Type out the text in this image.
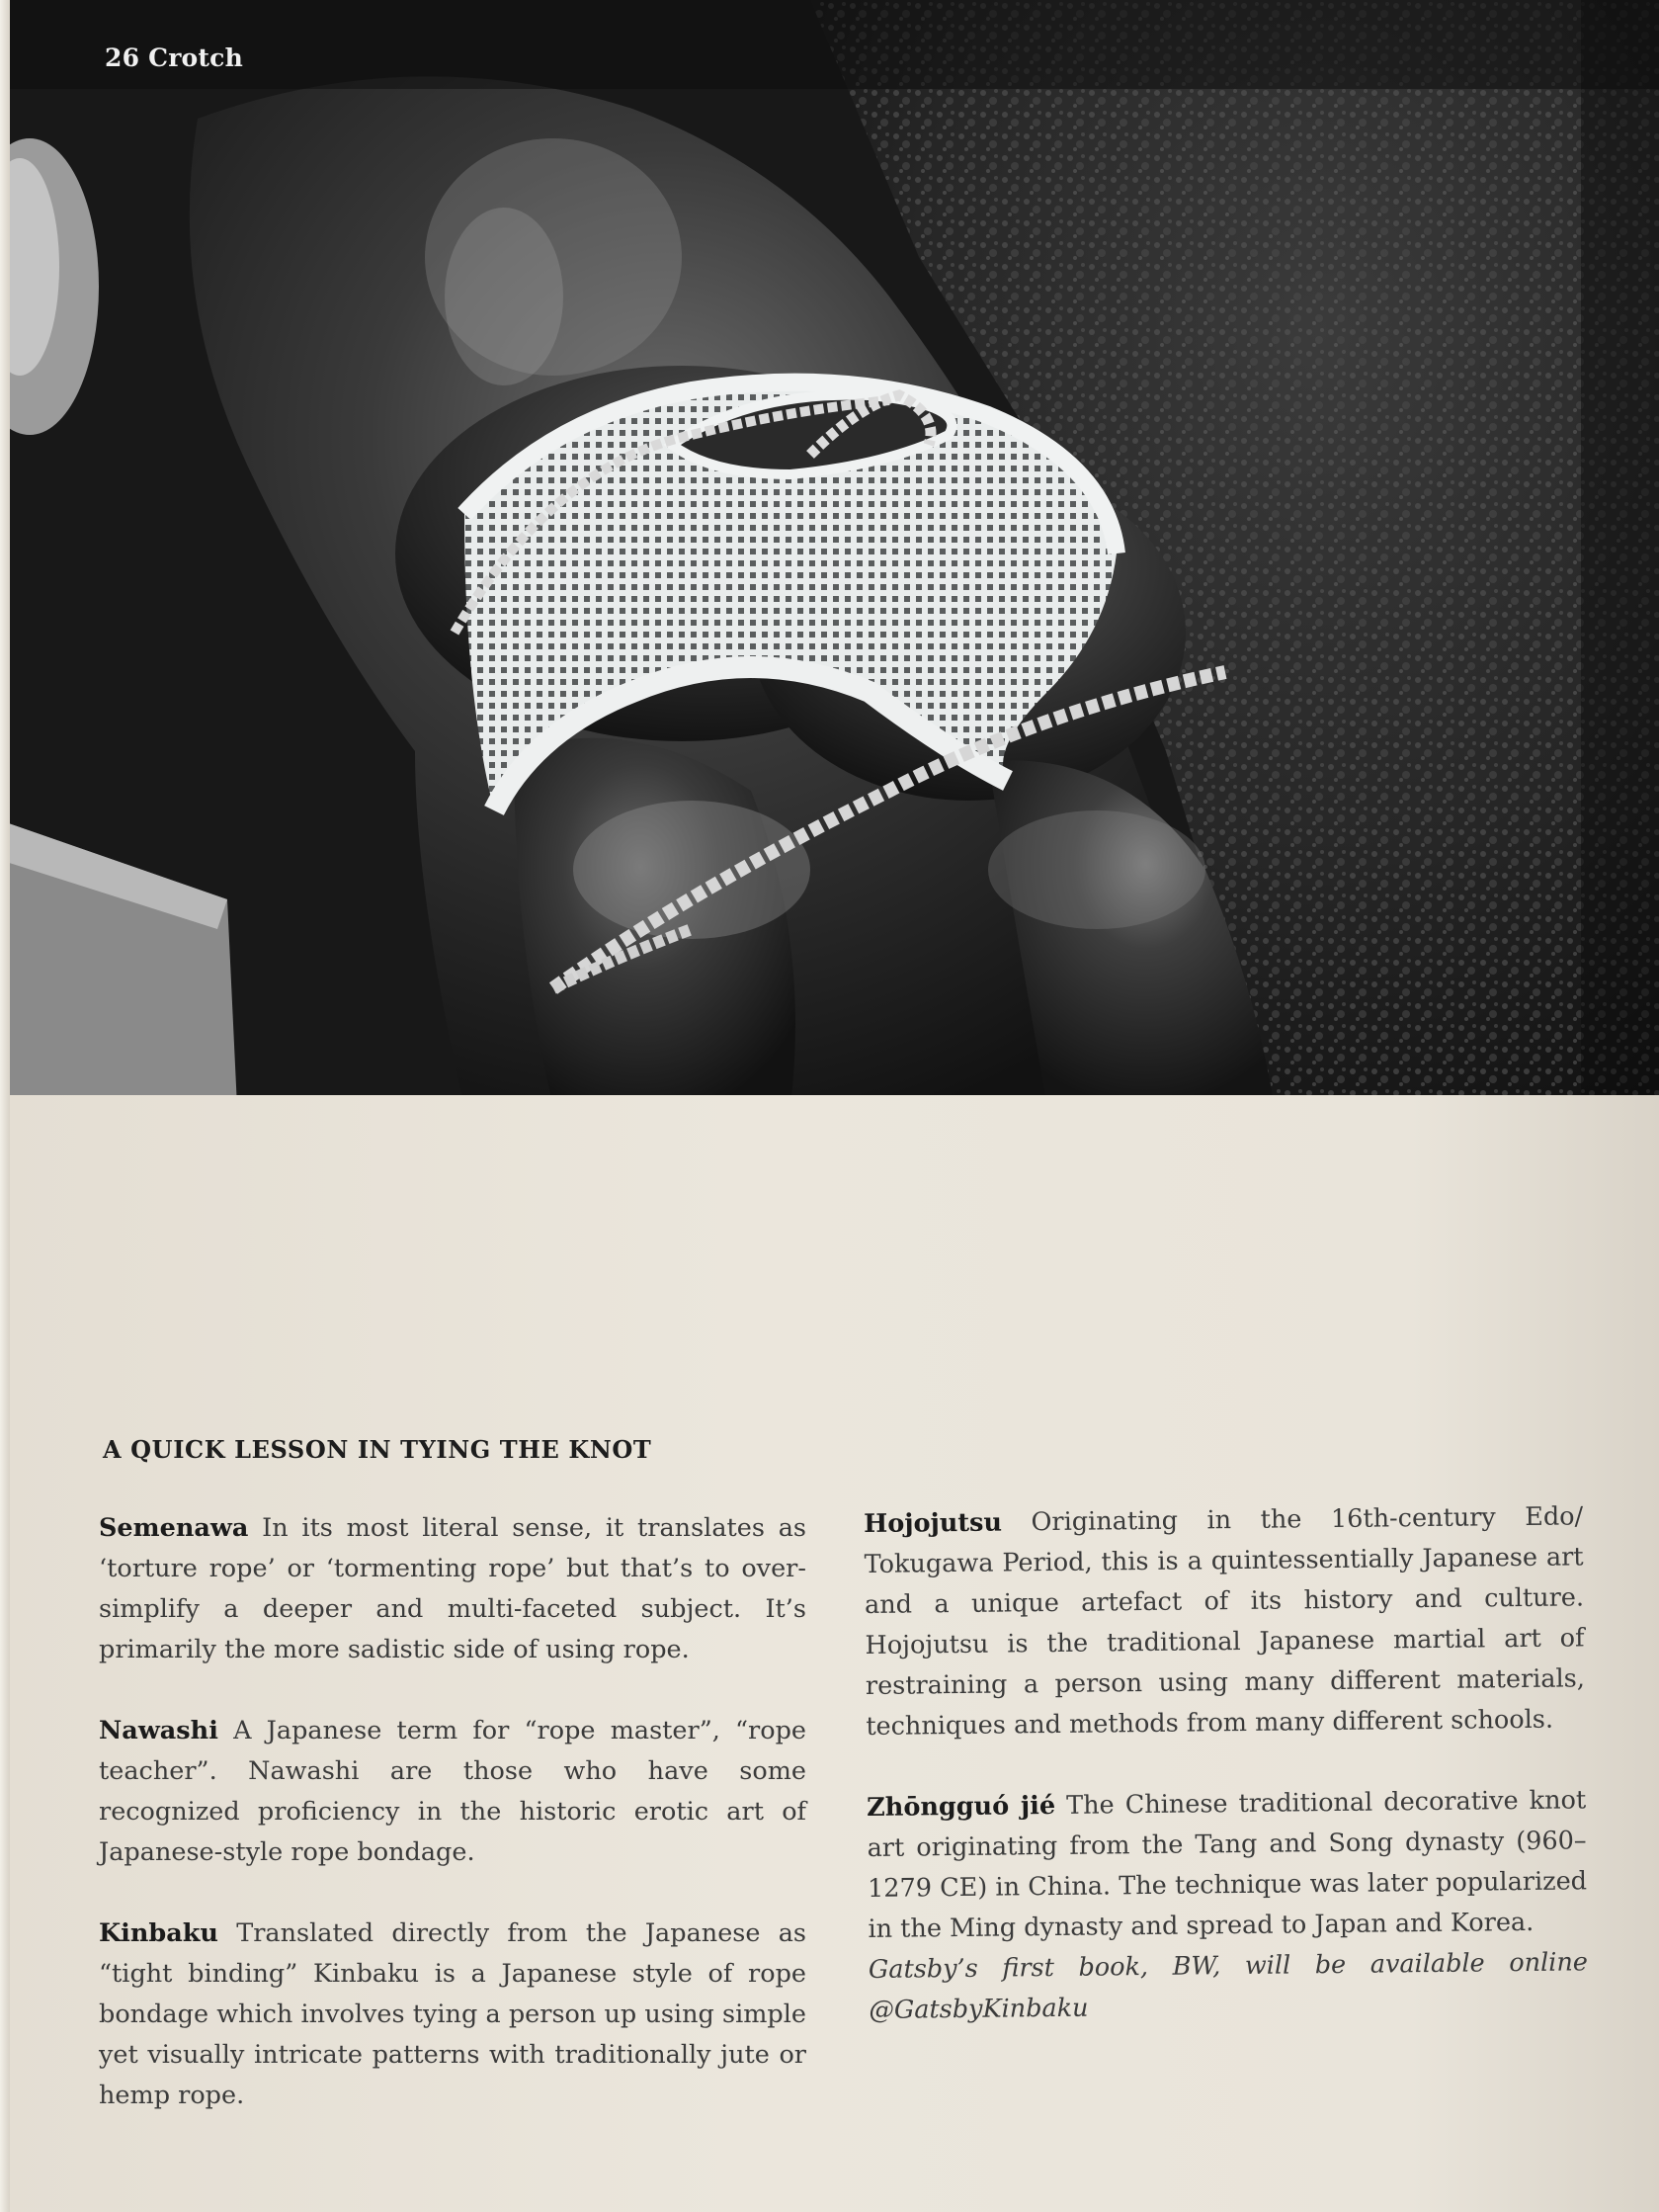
26 Crotch
A QUICK LESSON IN TYING THE KNOT

Semenawa In its most literal sense, it translates as ‘torture rope’ or ‘tormenting rope’ but that’s to over-simplify a deeper and multi-faceted subject. It’s primarily the more sadistic side of using rope.

Nawashi A Japanese term for “rope master”, “rope teacher”. Nawashi are those who have some recognized proficiency in the historic erotic art of Japanese-style rope bondage.

Kinbaku Translated directly from the Japanese as “tight binding” Kinbaku is a Japanese style of rope bondage which involves tying a person up using simple yet visually intricate patterns with traditionally jute or hemp rope.

Hojojutsu Originating in the 16th-century Edo/ Tokugawa Period, this is a quintessentially Japanese art and a unique artefact of its history and culture. Hojojutsu is the traditional Japanese martial art of restraining a person using many different materials, techniques and methods from many different schools.

Zhōngguó jié The Chinese traditional decorative knot art originating from the Tang and Song dynasty (960–1279 CE) in China. The technique was later popularized in the Ming dynasty and spread to Japan and Korea.
Gatsby’s first book, BW, will be available online @GatsbyKinbaku
